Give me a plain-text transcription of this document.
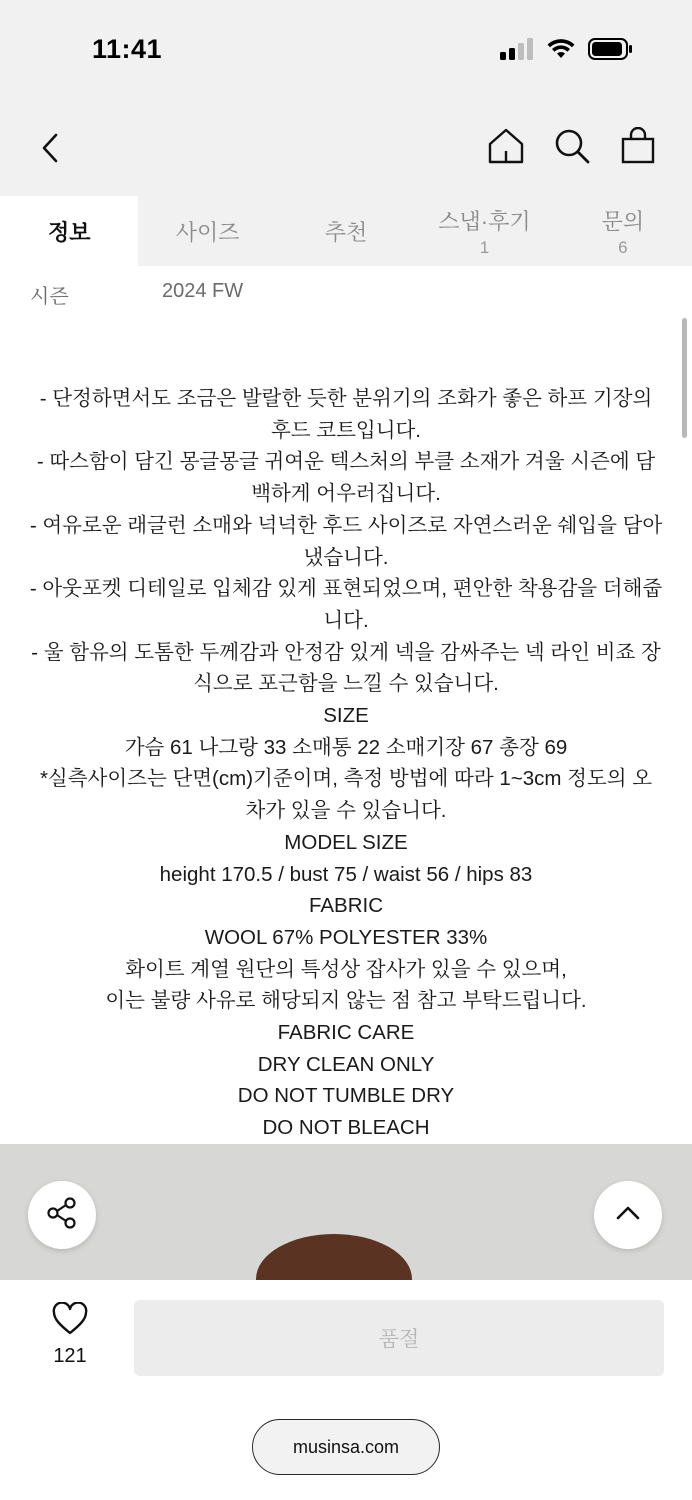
11:41
정보	사이즈	추천	스냅·후기
1
문의
6
시즌	2024 FW

- 단정하면서도 조금은 발랄한 듯한 분위기의 조화가 좋은 하프 기장의
후드 코트입니다.

- 따스함이 담긴 몽글몽글 귀여운 텍스처의 부클 소재가 겨울 시즌에 담
백하게 어우러집니다.

- 여유로운 래글런 소매와 넉넉한 후드 사이즈로 자연스러운 쉐입을 담아
냈습니다.

- 아웃포켓 디테일로 입체감 있게 표현되었으며, 편안한 착용감을 더해줍
니다.

- 울 함유의 도톰한 두께감과 안정감 있게 넥을 감싸주는 넥 라인 비죠 장
식으로 포근함을 느낄 수 있습니다.

SIZE

가슴 61 나그랑 33 소매통 22 소매기장 67 총장 69

*실측사이즈는 단면(cm)기준이며, 측정 방법에 따라 1~3cm 정도의 오
차가 있을 수 있습니다.

MODEL SIZE

height 170.5 / bust 75 / waist 56 / hips 83

FABRIC

WOOL 67% POLYESTER 33%

화이트 계열 원단의 특성상 잡사가 있을 수 있으며,

이는 불량 사유로 해당되지 않는 점 참고 부탁드립니다.

FABRIC CARE

DRY CLEAN ONLY

DO NOT TUMBLE DRY

DO NOT BLEACH

121
품절
musinsa.com
